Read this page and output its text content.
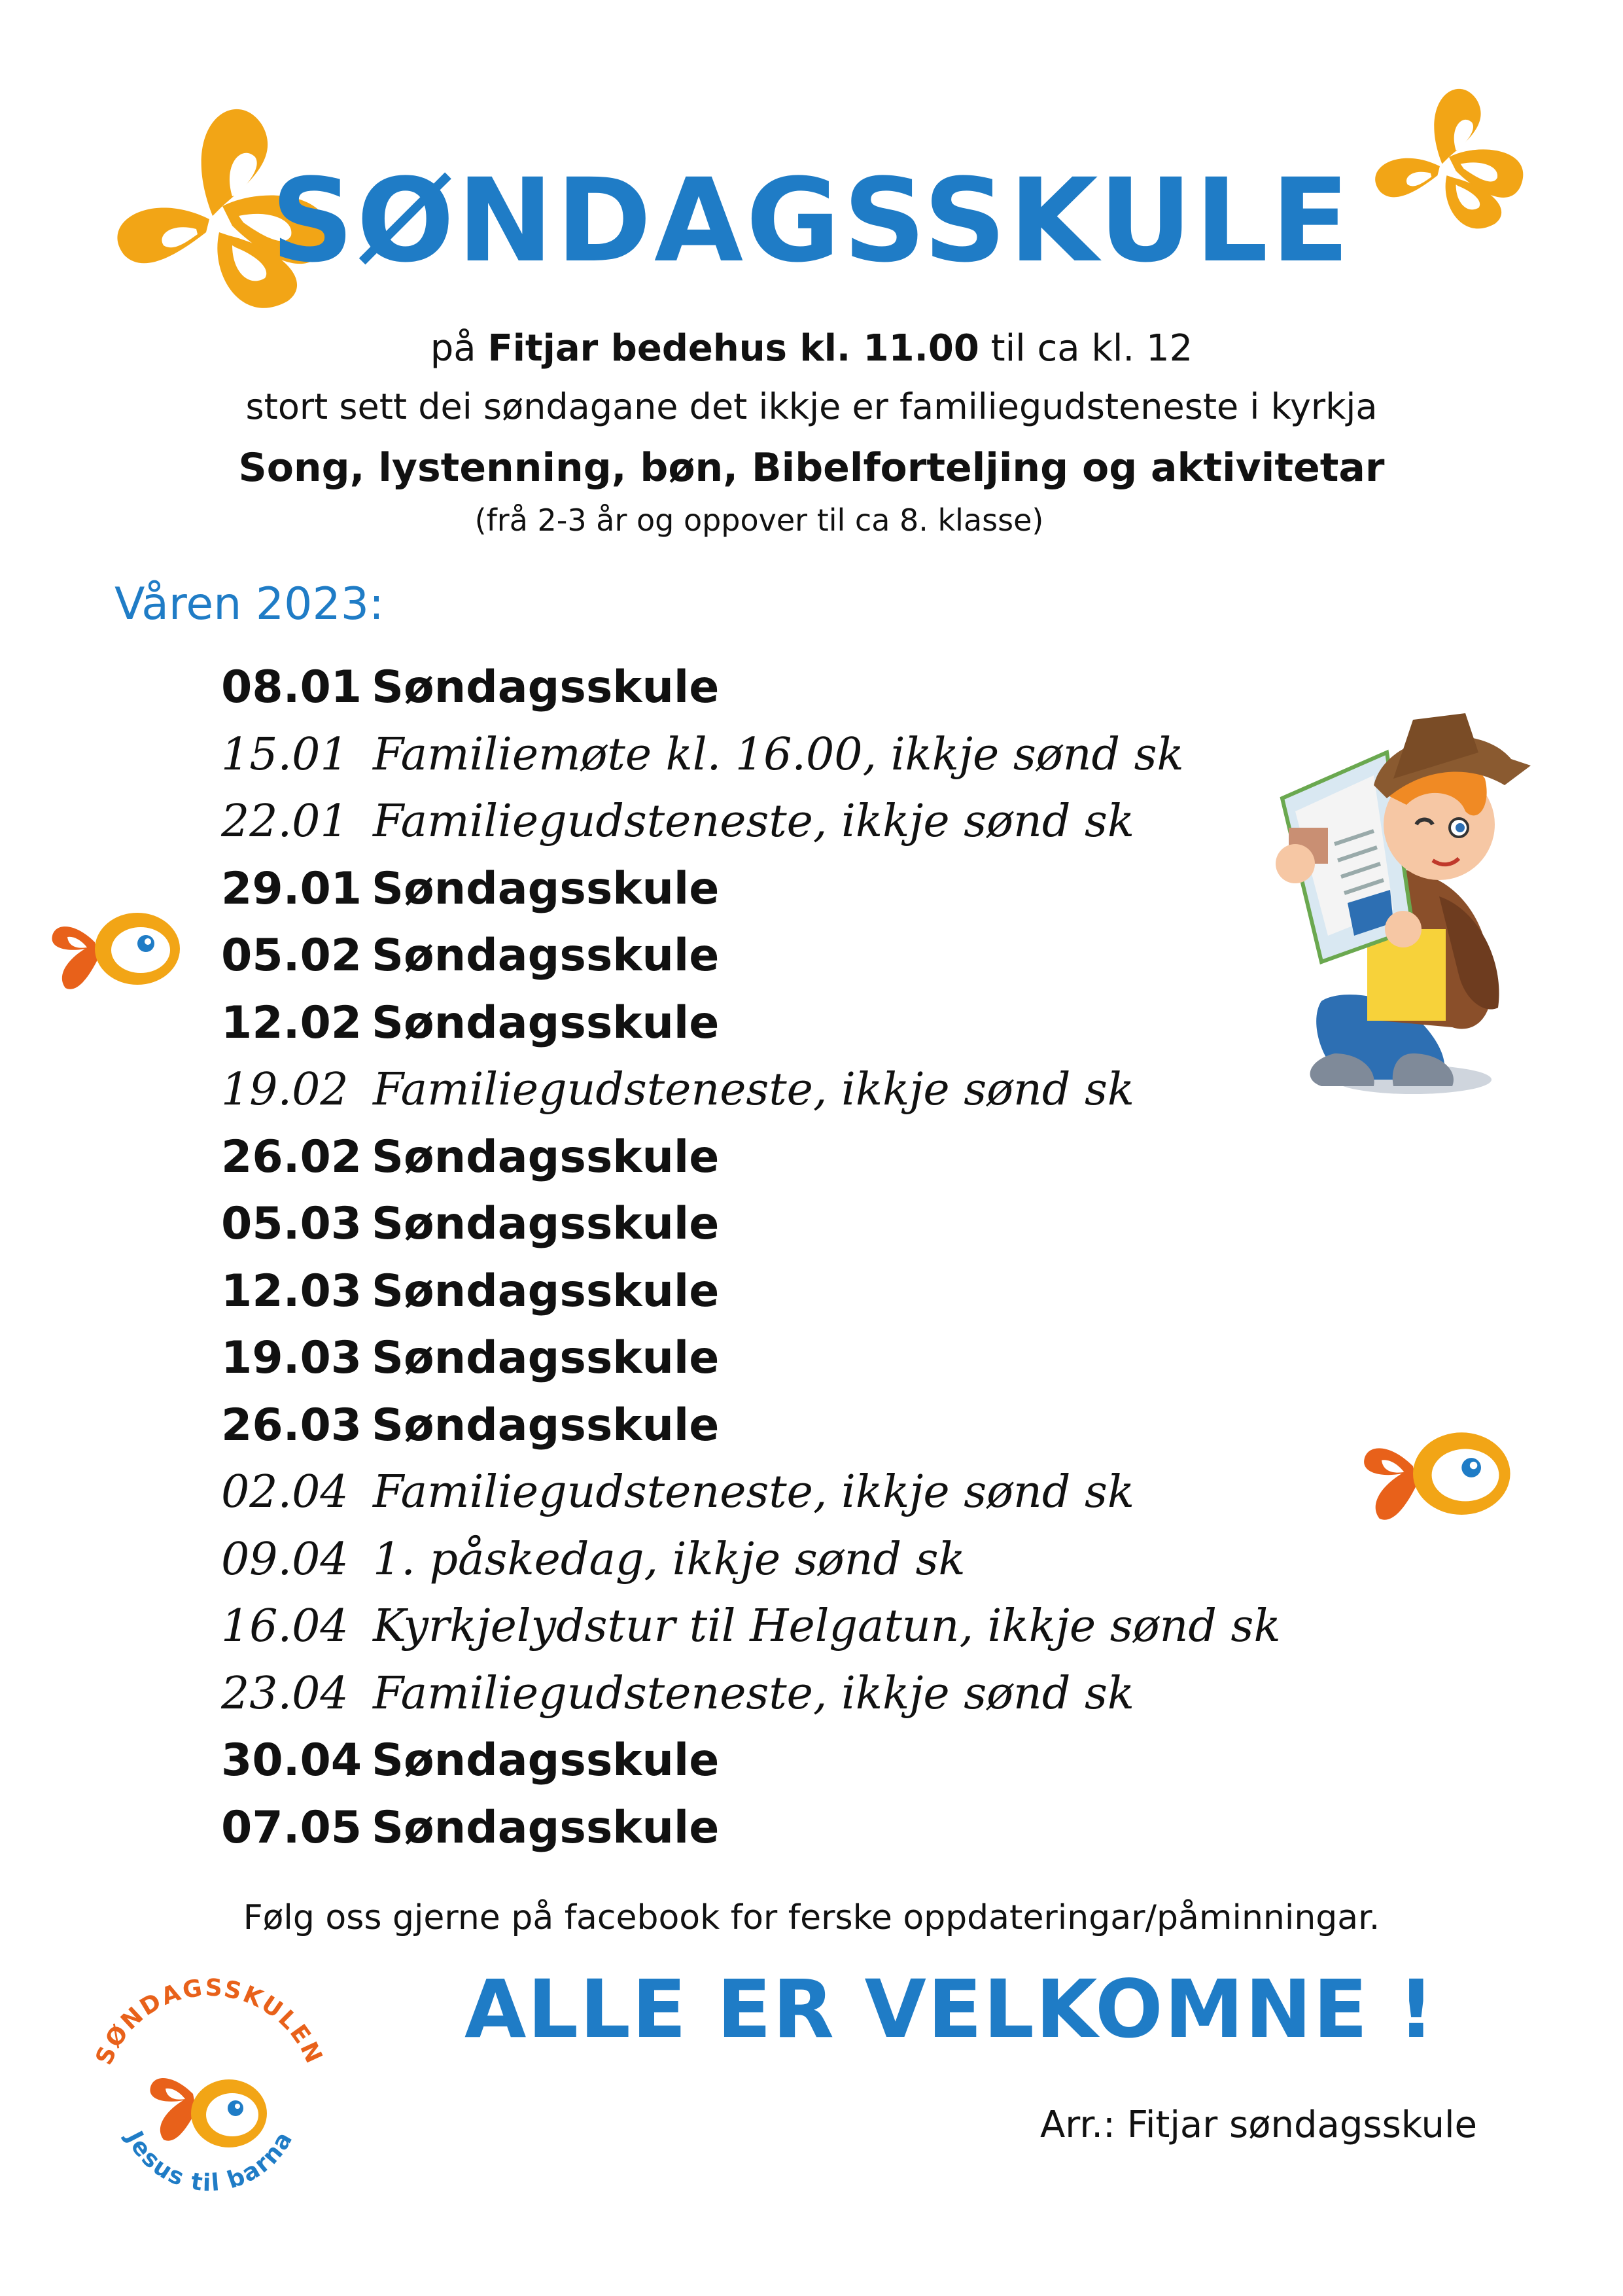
SØNDAGSSKULE
på Fitjar bedehus kl. 11.00 til ca kl. 12
stort sett dei søndagane det ikkje er familiegudsteneste i kyrkja
Song, lystenning, bøn, Bibelforteljing og aktivitetar
(frå 2-3 år og oppover til ca 8. klasse)
Våren 2023:
08.01 Søndagsskule
15.01 Familiemøte kl. 16.00, ikkje sønd sk
22.01 Familiegudsteneste, ikkje sønd sk
29.01 Søndagsskule
05.02 Søndagsskule
12.02 Søndagsskule
19.02 Familiegudsteneste, ikkje sønd sk
26.02 Søndagsskule
05.03 Søndagsskule
12.03 Søndagsskule
19.03 Søndagsskule
26.03 Søndagsskule
02.04 Familiegudsteneste, ikkje sønd sk
09.04 1. påskedag, ikkje sønd sk
16.04 Kyrkjelydstur til Helgatun, ikkje sønd sk
23.04 Familiegudsteneste, ikkje sønd sk
30.04 Søndagsskule
07.05 Søndagsskule
Følg oss gjerne på facebook for ferske oppdateringar/påminningar.
SØNDAGSSKULEN
Jesus til barna
ALLE ER VELKOMNE !
Arr.: Fitjar søndagsskule
